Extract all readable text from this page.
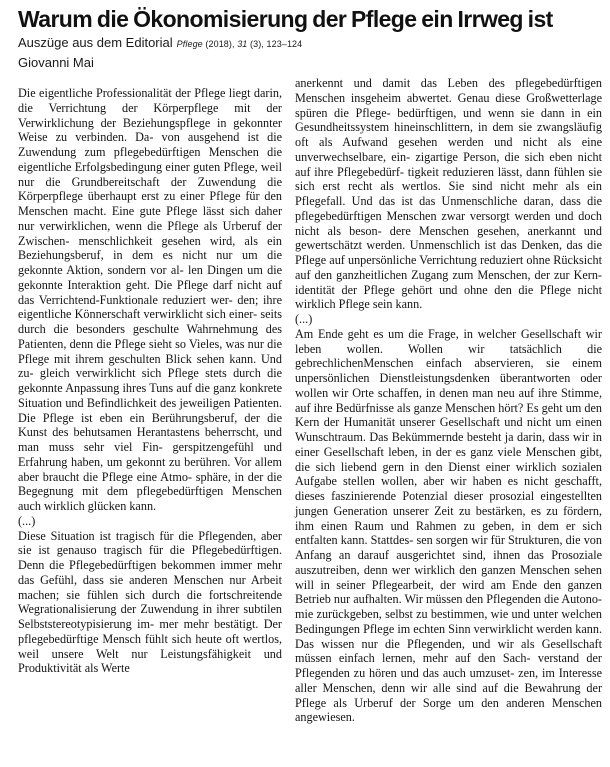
Warum die Ökonomisierung der Pflege ein Irrweg ist
Auszüge aus dem Editorial Pflege (2018), 31 (3), 123–124
Giovanni Mai

Die eigentliche Professionalität der Pflege liegt darin, die Verrichtung der Körperpflege mit der Verwirklichung der Beziehungspflege in gekonnter Weise zu verbinden. Da- von ausgehend ist die Zuwendung zum pflegebedürftigen Menschen die eigentliche Erfolgsbedingung einer guten Pflege, weil nur die Grundbereitschaft der Zuwendung die Körperpflege überhaupt erst zu einer Pflege für den Menschen macht. Eine gute Pflege lässt sich daher nur verwirklichen, wenn die Pflege als Urberuf der Zwischen- menschlichkeit gesehen wird, als ein Beziehungsberuf, in dem es nicht nur um die gekonnte Aktion, sondern vor al- len Dingen um die gekonnte Interaktion geht. Die Pflege darf nicht auf das Verrichtend-Funktionale reduziert wer- den; ihre eigentliche Könnerschaft verwirklicht sich einer- seits durch die besonders geschulte Wahrnehmung des Patienten, denn die Pflege sieht so Vieles, was nur die Pflege mit ihrem geschulten Blick sehen kann. Und zu- gleich verwirklicht sich Pflege stets durch die gekonnte Anpassung ihres Tuns auf die ganz konkrete Situation und Befindlichkeit des jeweiligen Patienten. Die Pflege ist eben ein Berührungsberuf, der die Kunst des behutsamen Herantastens beherrscht, und man muss sehr viel Fin- gerspitzengefühl und Erfahrung haben, um gekonnt zu berühren. Vor allem aber braucht die Pflege eine Atmo- sphäre, in der die Begegnung mit dem pflegebedürftigen Menschen auch wirklich glücken kann.

(...)

Diese Situation ist tragisch für die Pflegenden, aber sie ist genauso tragisch für die Pflegebedürftigen. Denn die Pflegebedürftigen bekommen immer mehr das Gefühl, dass sie anderen Menschen nur Arbeit machen; sie fühlen sich durch die fortschreitende Wegrationalisierung der Zuwendung in ihrer subtilen Selbststereotypisierung im- mer mehr bestätigt. Der pflegebedürftige Mensch fühlt sich heute oft wertlos, weil unsere Welt nur Leistungsfähigkeit und Produktivität als Werte

anerkennt und damit das Leben des pflegebedürftigen Menschen insgeheim abwertet. Genau diese Großwetterlage spüren die Pflege- bedürftigen, und wenn sie dann in ein Gesundheitssystem hineinschlittern, in dem sie zwangsläufig oft als Aufwand gesehen werden und nicht als eine unverwechselbare, ein- zigartige Person, die sich eben nicht auf ihre Pflegebedürf- tigkeit reduzieren lässt, dann fühlen sie sich erst recht als wertlos. Sie sind nicht mehr als ein Pflegefall. Und das ist das Unmenschliche daran, dass die pflegebedürftigen Menschen zwar versorgt werden und doch nicht als beson- dere Menschen gesehen, anerkannt und gewertschätzt werden. Unmenschlich ist das Denken, das die Pflege auf unpersönliche Verrichtung reduziert ohne Rücksicht auf den ganzheitlichen Zugang zum Menschen, der zur Kern- identität der Pflege gehört und ohne den die Pflege nicht wirklich Pflege sein kann.

(...)

Am Ende geht es um die Frage, in welcher Gesellschaft wir leben wollen. Wollen wir tatsächlich die gebrechlichenMenschen einfach abservieren, sie einem unpersönlichen Dienstleistungsdenken überantworten oder wollen wir Orte schaffen, in denen man neu auf ihre Stimme, auf ihre Bedürfnisse als ganze Menschen hört? Es geht um den Kern der Humanität unserer Gesellschaft und nicht um einen Wunschtraum. Das Bekümmernde besteht ja darin, dass wir in einer Gesellschaft leben, in der es ganz viele Menschen gibt, die sich liebend gern in den Dienst einer wirklich sozialen Aufgabe stellen wollen, aber wir haben es nicht geschafft, dieses faszinierende Potenzial dieser prosozial eingestellten jungen Generation unserer Zeit zu bestärken, es zu fördern, ihm einen Raum und Rahmen zu geben, in dem er sich entfalten kann. Stattdes- sen sorgen wir für Strukturen, die von Anfang an darauf ausgerichtet sind, ihnen das Prosoziale auszutreiben, denn wer wirklich den ganzen Menschen sehen will in seiner Pflegearbeit, der wird am Ende den ganzen Betrieb nur aufhalten. Wir müssen den Pflegenden die Autono- mie zurückgeben, selbst zu bestimmen, wie und unter welchen Bedingungen Pflege im echten Sinn verwirklicht werden kann. Das wissen nur die Pflegenden, und wir als Gesellschaft müssen einfach lernen, mehr auf den Sach- verstand der Pflegenden zu hören und das auch umzuset- zen, im Interesse aller Menschen, denn wir alle sind auf die Bewahrung der Pflege als Urberuf der Sorge um den anderen Menschen angewiesen.
